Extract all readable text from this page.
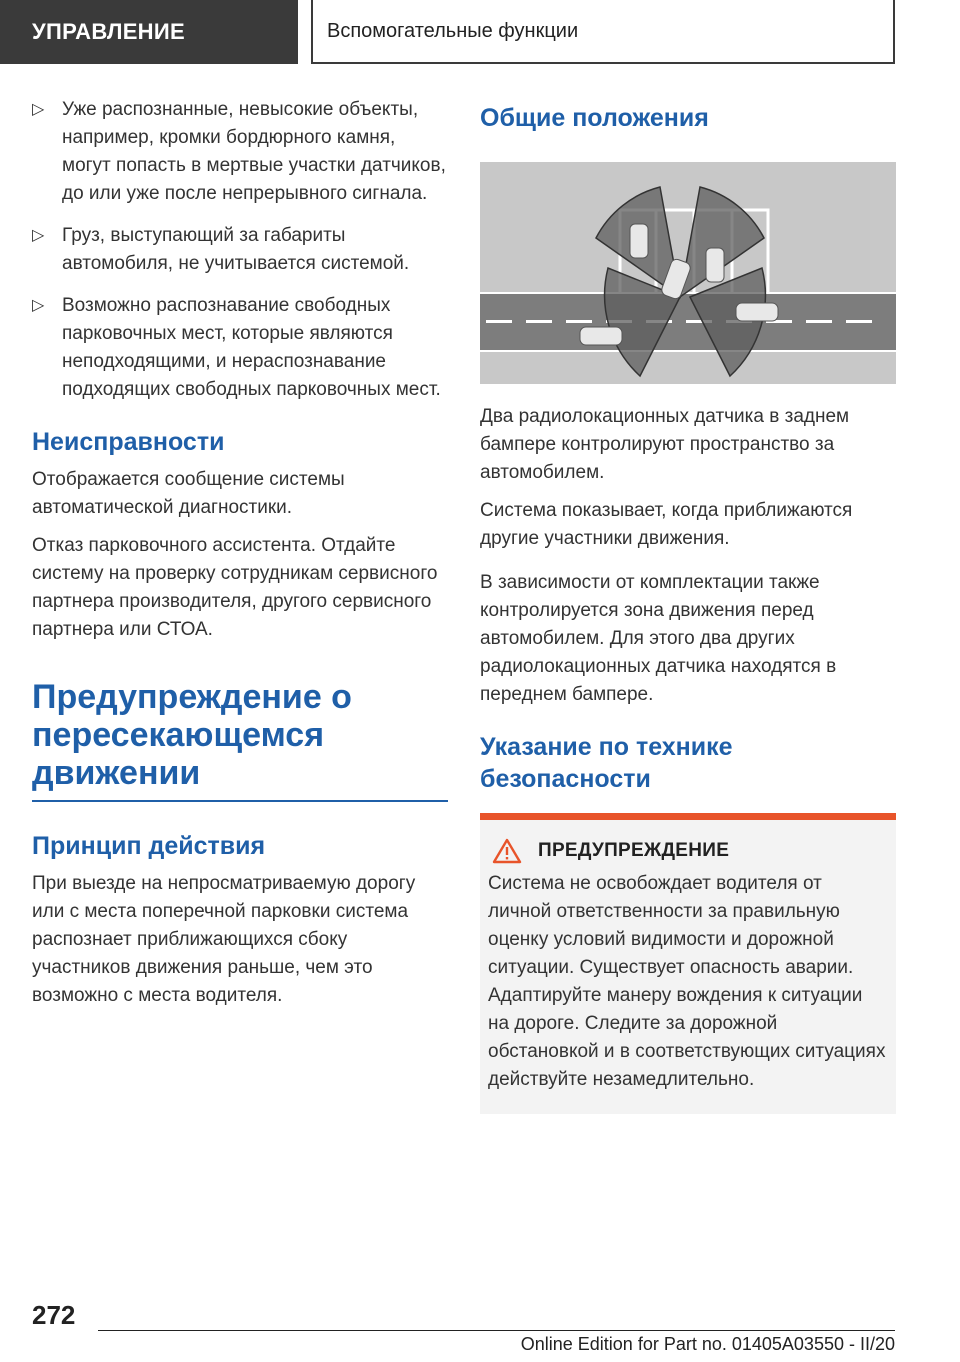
УПРАВЛЕНИЕ	Вспомогательные функции
▷ Уже распознанные, невысокие объекты, например, кромки бордюрного камня, могут попасть в мертвые участки датчиков, до или уже после непрерывного сигнала.
▷ Груз, выступающий за габариты автомобиля, не учитывается системой.
▷ Возможно распознавание свободных парковочных мест, которые являются неподходящими, и нераспознавание подходящих свободных парковочных мест.
Неисправности

Отображается сообщение системы автоматической диагностики.

Отказ парковочного ассистента. Отдайте систему на проверку сотрудникам сервисного партнера производителя, другого сервисного партнера или СТОА.

Предупреждение о пересекающемся движении
Принцип действия

При выезде на непросматриваемую дорогу или с места поперечной парковки система распознает приближающихся сбоку участников движения раньше, чем это возможно с места водителя.

Общие положения

Два радиолокационных датчика в заднем бампере контролируют пространство за автомобилем.

Система показывает, когда приближаются другие участники движения.

В зависимости от комплектации также контролируется зона движения перед автомобилем. Для этого два других радиолокационных датчика находятся в переднем бампере.

Указание по технике безопасности
ПРЕДУПРЕЖДЕНИЕ

Система не освобождает водителя от личной ответственности за правильную оценку условий видимости и дорожной ситуации. Существует опасность аварии. Адаптируйте манеру вождения к ситуации на дороге. Следите за дорожной обстановкой и в соответствующих ситуациях действуйте незамедлительно.

272
Online Edition for Part no. 01405A03550 - II/20
